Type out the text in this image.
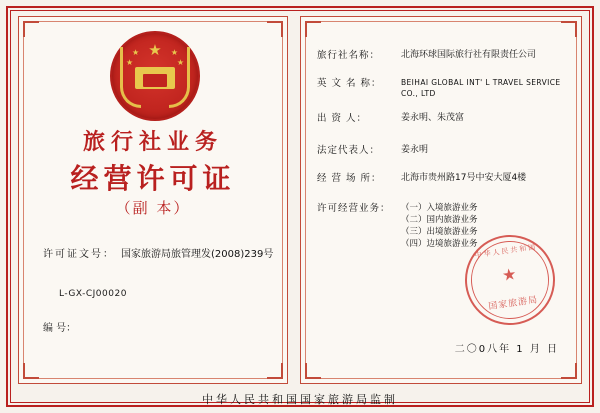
★
★
★
★
★
旅行社业务
经营许可证
（副 本）
许可证文号： 国家旅游局旅管理发(2008)239号
L-GX-CJ00020
编 号：
旅行社名称：	北海环球国际旅行社有限责任公司
英 文 名 称：	BEIHAI GLOBAL INT' L TRAVEL SERVICE CO., LTD
出 资 人：	姜永明、朱茂富
法定代表人：	姜永明
经 营 场 所：	北海市贵州路17号中安大厦4楼
许可经营业务：	（一）入境旅游业务
（二）国内旅游业务
（三）出境旅游业务
（四）边境旅游业务
中华人民共和国
★
国家旅游局
二〇0八年 1 月 日
中华人民共和国国家旅游局监制
